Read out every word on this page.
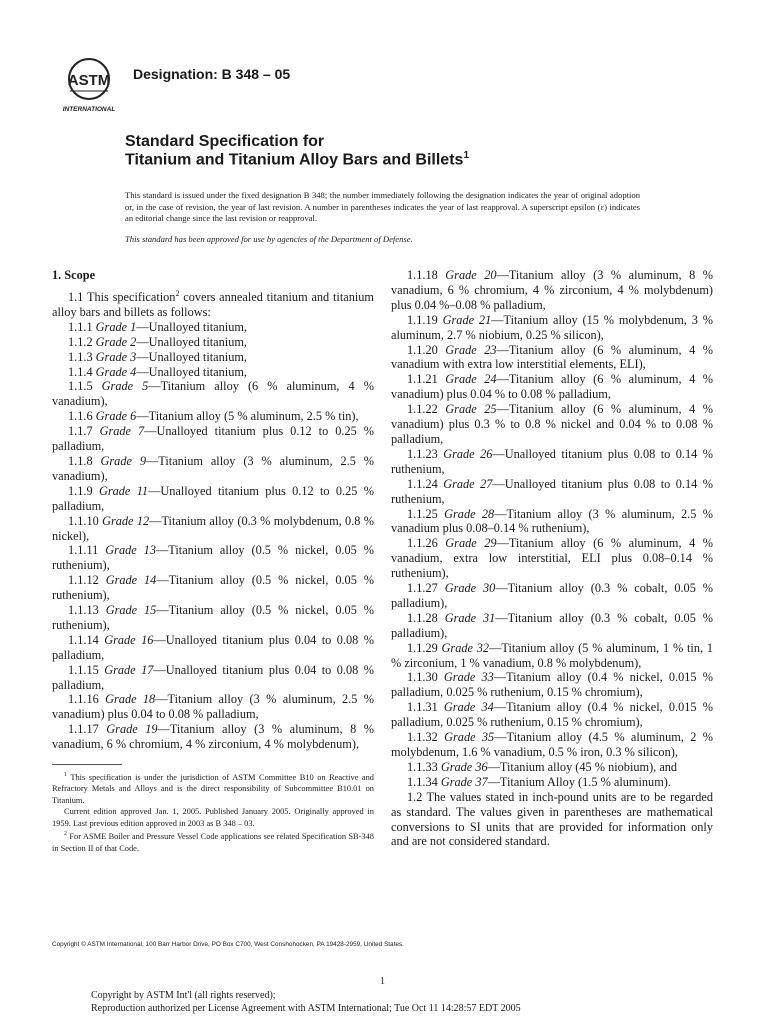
ASTM
INTERNATIONAL
Designation: B 348 – 05
Standard Specification for
Titanium and Titanium Alloy Bars and Billets$^1$
This standard is issued under the fixed designation B 348; the number immediately following the designation indicates the year of original adoption or, in the case of revision, the year of last revision. A number in parentheses indicates the year of last reapproval. A superscript epsilon (ε) indicates an editorial change since the last revision or reapproval.
This standard has been approved for use by agencies of the Department of Defense.

1. Scope

1.1 This specification$^2$ covers annealed titanium and titanium alloy bars and billets as follows:

1.1.1 Grade 1—Unalloyed titanium,

1.1.2 Grade 2—Unalloyed titanium,

1.1.3 Grade 3—Unalloyed titanium,

1.1.4 Grade 4—Unalloyed titanium,

1.1.5 Grade 5—Titanium alloy (6 % aluminum, 4 % vanadium),

1.1.6 Grade 6—Titanium alloy (5 % aluminum, 2.5 % tin),

1.1.7 Grade 7—Unalloyed titanium plus 0.12 to 0.25 % palladium,

1.1.8 Grade 9—Titanium alloy (3 % aluminum, 2.5 % vanadium),

1.1.9 Grade 11—Unalloyed titanium plus 0.12 to 0.25 % palladium,

1.1.10 Grade 12—Titanium alloy (0.3 % molybdenum, 0.8 % nickel),

1.1.11 Grade 13—Titanium alloy (0.5 % nickel, 0.05 % ruthenium),

1.1.12 Grade 14—Titanium alloy (0.5 % nickel, 0.05 % ruthenium),

1.1.13 Grade 15—Titanium alloy (0.5 % nickel, 0.05 % ruthenium),

1.1.14 Grade 16—Unalloyed titanium plus 0.04 to 0.08 % palladium,

1.1.15 Grade 17—Unalloyed titanium plus 0.04 to 0.08 % palladium,

1.1.16 Grade 18—Titanium alloy (3 % aluminum, 2.5 % vanadium) plus 0.04 to 0.08 % palladium,

1.1.17 Grade 19—Titanium alloy (3 % aluminum, 8 % vanadium, 6 % chromium, 4 % zirconium, 4 % molybdenum),

$^1$ This specification is under the jurisdiction of ASTM Committee B10 on Reactive and Refractory Metals and Alloys and is the direct responsibility of Subcommittee B10.01 on Titanium.

Current edition approved Jan. 1, 2005. Published January 2005. Originally approved in 1959. Last previous edition approved in 2003 as B 348 – 03.

$^2$ For ASME Boiler and Pressure Vessel Code applications see related Specification SB-348 in Section II of that Code.

1.1.18 Grade 20—Titanium alloy (3 % aluminum, 8 % vanadium, 6 % chromium, 4 % zirconium, 4 % molybdenum) plus 0.04 %–0.08 % palladium,

1.1.19 Grade 21—Titanium alloy (15 % molybdenum, 3 % aluminum, 2.7 % niobium, 0.25 % silicon),

1.1.20 Grade 23—Titanium alloy (6 % aluminum, 4 % vanadium with extra low interstitial elements, ELI),

1.1.21 Grade 24—Titanium alloy (6 % aluminum, 4 % vanadium) plus 0.04 % to 0.08 % palladium,

1.1.22 Grade 25—Titanium alloy (6 % aluminum, 4 % vanadium) plus 0.3 % to 0.8 % nickel and 0.04 % to 0.08 % palladium,

1.1.23 Grade 26—Unalloyed titanium plus 0.08 to 0.14 % ruthenium,

1.1.24 Grade 27—Unalloyed titanium plus 0.08 to 0.14 % ruthenium,

1.1.25 Grade 28—Titanium alloy (3 % aluminum, 2.5 % vanadium plus 0.08–0.14 % ruthenium),

1.1.26 Grade 29—Titanium alloy (6 % aluminum, 4 % vanadium, extra low interstitial, ELI plus 0.08–0.14 % ruthenium),

1.1.27 Grade 30—Titanium alloy (0.3 % cobalt, 0.05 % palladium),

1.1.28 Grade 31—Titanium alloy (0.3 % cobalt, 0.05 % palladium),

1.1.29 Grade 32—Titanium alloy (5 % aluminum, 1 % tin, 1 % zirconium, 1 % vanadium, 0.8 % molybdenum),

1.1.30 Grade 33—Titanium alloy (0.4 % nickel, 0.015 % palladium, 0.025 % ruthenium, 0.15 % chromium),

1.1.31 Grade 34—Titanium alloy (0.4 % nickel, 0.015 % palladium, 0.025 % ruthenium, 0.15 % chromium),

1.1.32 Grade 35—Titanium alloy (4.5 % aluminum, 2 % molybdenum, 1.6 % vanadium, 0.5 % iron, 0.3 % silicon),

1.1.33 Grade 36—Titanium alloy (45 % niobium), and

1.1.34 Grade 37—Titanium Alloy (1.5 % aluminum).

1.2 The values stated in inch-pound units are to be regarded as standard. The values given in parentheses are mathematical conversions to SI units that are provided for information only and are not considered standard.

Copyright © ASTM International, 100 Barr Harbor Drive, PO Box C700, West Conshohocken, PA 19428-2959, United States.
1
Copyright by ASTM Int'l (all rights reserved);
Reproduction authorized per License Agreement with ASTM International; Tue Oct 11 14:28:57 EDT 2005
